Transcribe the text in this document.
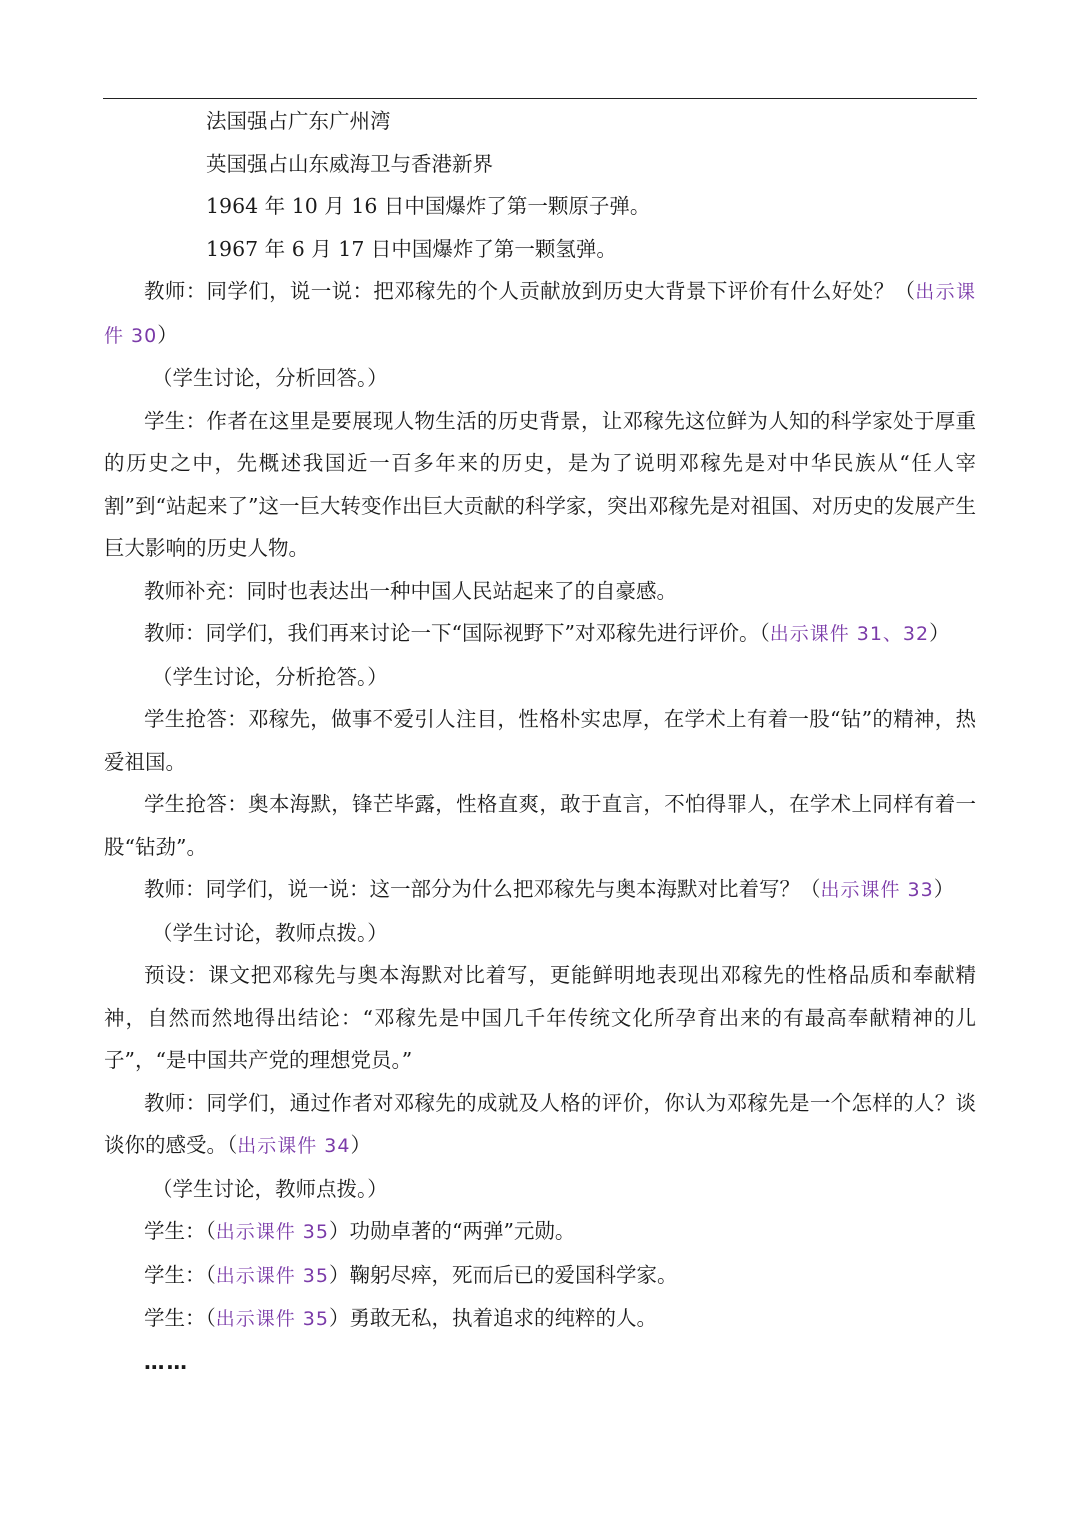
法国强占广东广州湾

英国强占山东威海卫与香港新界

1964 年 10 月 16 日中国爆炸了第一颗原子弹。

1967 年 6 月 17 日中国爆炸了第一颗氢弹。

教师：同学们，说一说：把邓稼先的个人贡献放到历史大背景下评价有什么好处？（出示课件 30）

（学生讨论，分析回答。）

学生：作者在这里是要展现人物生活的历史背景，让邓稼先这位鲜为人知的科学家处于厚重的历史之中，先概述我国近一百多年来的历史，是为了说明邓稼先是对中华民族从“任人宰割”到“站起来了”这一巨大转变作出巨大贡献的科学家，突出邓稼先是对祖国、对历史的发展产生巨大影响的历史人物。

教师补充：同时也表达出一种中国人民站起来了的自豪感。

教师：同学们，我们再来讨论一下“国际视野下”对邓稼先进行评价。（出示课件 31、32）

（学生讨论，分析抢答。）

学生抢答：邓稼先，做事不爱引人注目，性格朴实忠厚，在学术上有着一股“钻”的精神，热爱祖国。

学生抢答：奥本海默，锋芒毕露，性格直爽，敢于直言，不怕得罪人，在学术上同样有着一股“钻劲”。

教师：同学们，说一说：这一部分为什么把邓稼先与奥本海默对比着写？（出示课件 33）

（学生讨论，教师点拨。）

预设：课文把邓稼先与奥本海默对比着写，更能鲜明地表现出邓稼先的性格品质和奉献精神，自然而然地得出结论：“邓稼先是中国几千年传统文化所孕育出来的有最高奉献精神的儿子”，“是中国共产党的理想党员。”

教师：同学们，通过作者对邓稼先的成就及人格的评价，你认为邓稼先是一个怎样的人？谈谈你的感受。（出示课件 34）

（学生讨论，教师点拨。）

学生：（出示课件 35）功勋卓著的“两弹”元勋。

学生：（出示课件 35）鞠躬尽瘁，死而后已的爱国科学家。

学生：（出示课件 35）勇敢无私，执着追求的纯粹的人。

……
